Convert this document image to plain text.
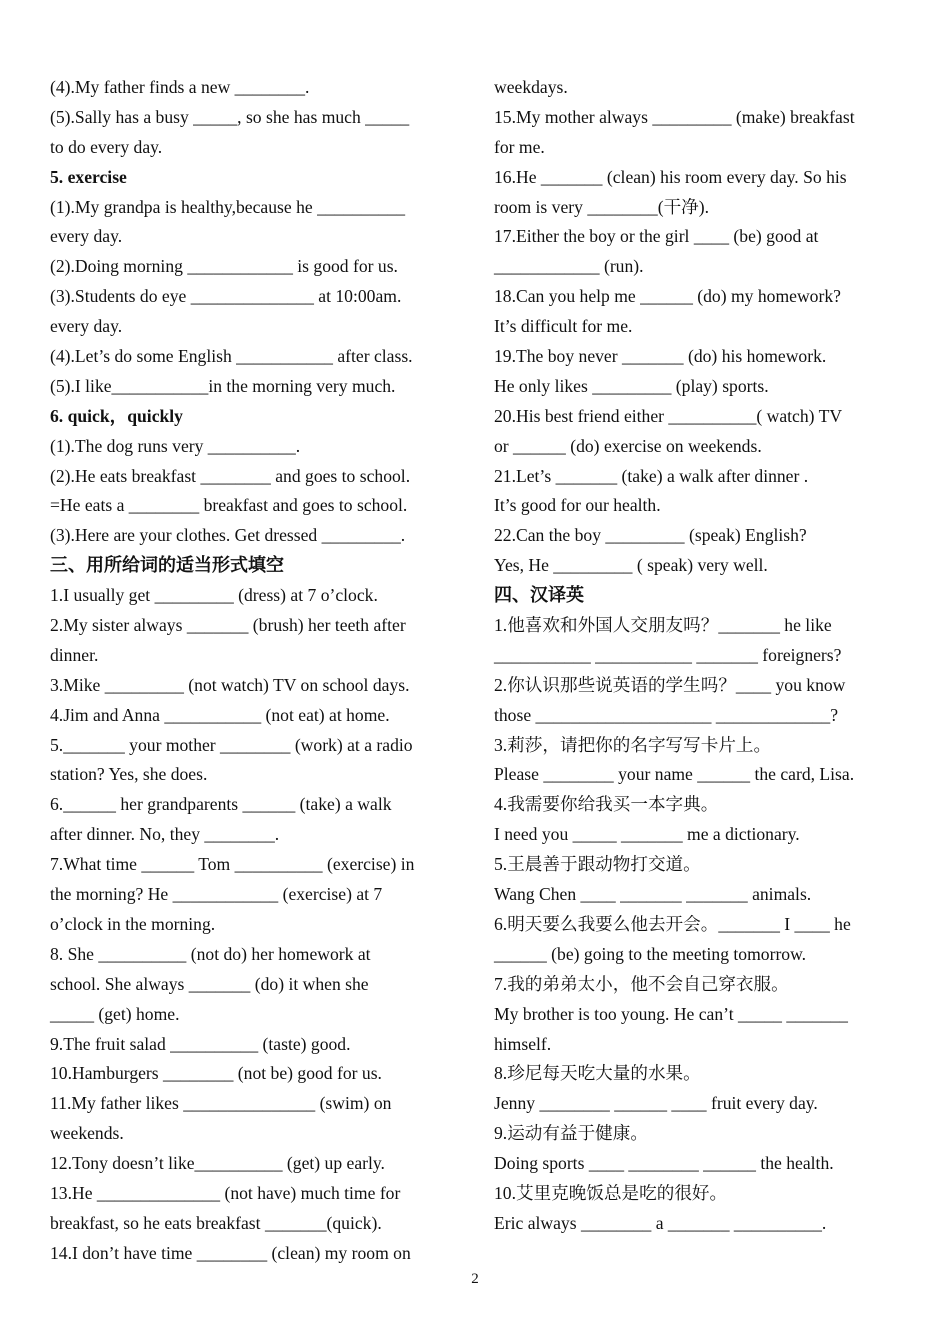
(4).My father finds a new ________.
(5).Sally has a busy _____, so she has much _____
to do every day.
5. exercise
(1).My grandpa is healthy,because he __________
every day.
(2).Doing morning ____________ is good for us.
(3).Students do eye ______________ at 10:00am.
every day.
(4).Let’s do some English ___________ after class.
(5).I like___________in the morning very much.
6. quick，quickly
(1).The dog runs very __________.
(2).He eats breakfast ________ and goes to school.
=He eats a ________ breakfast and goes to school.
(3).Here are your clothes. Get dressed _________.
三、用所给词的适当形式填空
1.I usually get _________ (dress) at 7 o’clock.
2.My sister always _______ (brush) her teeth after
dinner.
3.Mike _________ (not watch) TV on school days.
4.Jim and Anna ___________ (not eat) at home.
5._______ your mother ________ (work) at a radio
station? Yes, she does.
6.______ her grandparents ______ (take) a walk
after dinner. No, they ________.
7.What time ______ Tom __________ (exercise) in
the morning? He ____________ (exercise) at 7
o’clock in the morning.
8. She __________ (not do) her homework at
school. She always _______ (do) it when she
_____ (get) home.
9.The fruit salad __________ (taste) good.
10.Hamburgers ________ (not be) good for us.
11.My father likes _______________ (swim) on
weekends.
12.Tony doesn’t like__________ (get) up early.
13.He ______________ (not have) much time for
breakfast, so he eats breakfast _______(quick).
14.I don’t have time ________ (clean) my room on
weekdays.
15.My mother always _________ (make) breakfast
for me.
16.He _______ (clean) his room every day. So his
room is very ________(干净).
17.Either the boy or the girl ____ (be) good at
____________ (run).
18.Can you help me ______ (do) my homework?
It’s difficult for me.
19.The boy never _______ (do) his homework.
He only likes _________ (play) sports.
20.His best friend either __________( watch) TV
or ______ (do) exercise on weekends.
21.Let’s _______ (take) a walk after dinner .
It’s good for our health.
22.Can the boy _________ (speak) English?
Yes, He _________ ( speak) very well.
四、汉译英
1.他喜欢和外国人交朋友吗？_______ he like
___________ ___________ _______ foreigners?
2.你认识那些说英语的学生吗？____ you know
those ____________________ _____________?
3.莉莎，请把你的名字写写卡片上。
Please ________ your name ______ the card, Lisa.
4.我需要你给我买一本字典。
I need you _____ _______ me a dictionary.
5.王晨善于跟动物打交道。
Wang Chen ____ _______ _______ animals.
6.明天要么我要么他去开会。_______ I ____ he
______ (be) going to the meeting tomorrow.
7.我的弟弟太小，他不会自己穿衣服。
My brother is too young. He can’t _____ _______
himself.
8.珍尼每天吃大量的水果。
Jenny ________ ______ ____ fruit every day.
9.运动有益于健康。
Doing sports ____ ________ ______ the health.
10.艾里克晚饭总是吃的很好。
Eric always ________ a _______ __________.
2
